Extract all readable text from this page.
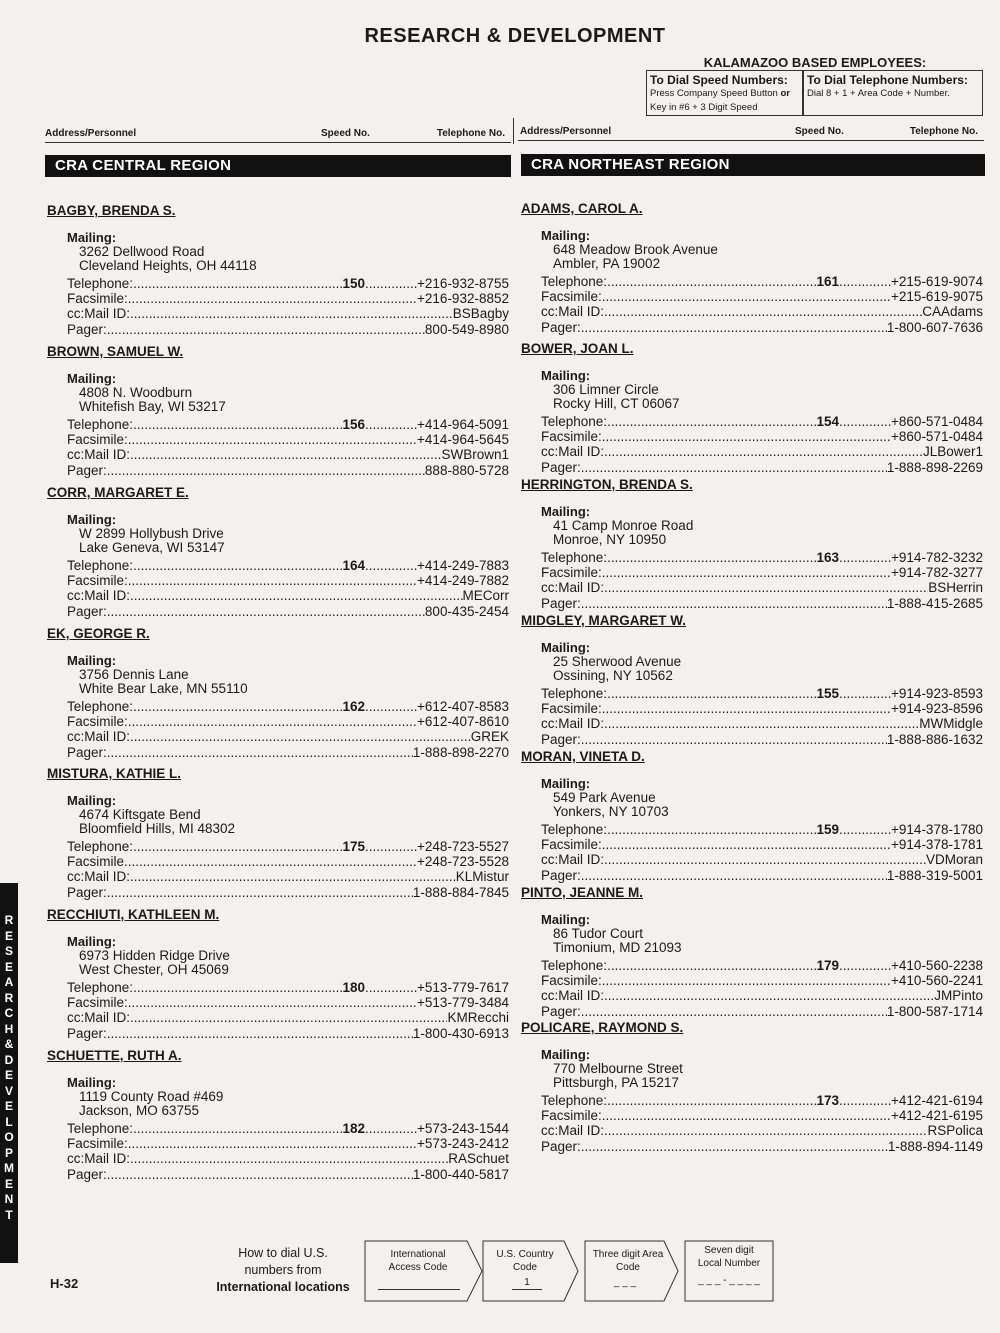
RESEARCH & DEVELOPMENT
KALAMAZOO BASED EMPLOYEES:
To Dial Speed Numbers:
Press Company Speed Button or
Key in #6 + 3 Digit Speed
To Dial Telephone Numbers:
Dial 8 + 1 + Area Code + Number.
Address/Personnel	Speed No.	Telephone No. Address/Personnel	Speed No.	Telephone No.
CRA CENTRAL REGION	CRA NORTHEAST REGION
BAGBY, BRENDA S.
Mailing:
3262 Dellwood Road
Cleveland Heights, OH 44118
Telephone: .....	150 .....	+216-932-8755
Facsimile: .....	+216-932-8852
cc:Mail ID: .....	BSBagby
Pager: .....	800-549-8980
BROWN, SAMUEL W.
Mailing:
4808 N. Woodburn
Whitefish Bay, WI 53217
Telephone: .....	156 .....	+414-964-5091
Facsimile: .....	+414-964-5645
cc:Mail ID: .....	SWBrown1
Pager: .....	888-880-5728
CORR, MARGARET E.
Mailing:
W 2899 Hollybush Drive
Lake Geneva, WI 53147
Telephone: .....	164 .....	+414-249-7883
Facsimile: .....	+414-249-7882
cc:Mail ID: .....	MECorr
Pager: .....	800-435-2454
EK, GEORGE R.
Mailing:
3756 Dennis Lane
White Bear Lake, MN 55110
Telephone: .....	162 .....	+612-407-8583
Facsimile: .....	+612-407-8610
cc:Mail ID: .....	GREK
Pager: .....	1-888-898-2270
MISTURA, KATHIE L.
Mailing:
4674 Kiftsgate Bend
Bloomfield Hills, MI 48302
Telephone: .....	175 .....	+248-723-5527
Facsimile .....	+248-723-5528
cc:Mail ID: .....	KLMistur
Pager: .....	1-888-884-7845
RECCHIUTI, KATHLEEN M.
Mailing:
6973 Hidden Ridge Drive
West Chester, OH 45069
Telephone: .....	180 .....	+513-779-7617
Facsimile: .....	+513-779-3484
cc:Mail ID: .....	KMRecchi
Pager: .....	1-800-430-6913
SCHUETTE, RUTH A.
Mailing:
1119 County Road #469
Jackson, MO 63755
Telephone: .....	182 .....	+573-243-1544
Facsimile: .....	+573-243-2412
cc:Mail ID: .....	RASchuet
Pager: .....	1-800-440-5817
ADAMS, CAROL A.
Mailing:
648 Meadow Brook Avenue
Ambler, PA 19002
Telephone: .....	161 .....	+215-619-9074
Facsimile: .....	+215-619-9075
cc:Mail ID: .....	CAAdams
Pager: .....	1-800-607-7636
BOWER, JOAN L.
Mailing:
306 Limner Circle
Rocky Hill, CT 06067
Telephone: .....	154 .....	+860-571-0484
Facsimile: .....	+860-571-0484
cc:Mail ID: .....	JLBower1
Pager: .....	1-888-898-2269
HERRINGTON, BRENDA S.
Mailing:
41 Camp Monroe Road
Monroe, NY 10950
Telephone: .....	163 .....	+914-782-3232
Facsimile: .....	+914-782-3277
cc:Mail ID: .....	BSHerrin
Pager: .....	1-888-415-2685
MIDGLEY, MARGARET W.
Mailing:
25 Sherwood Avenue
Ossining, NY 10562
Telephone: .....	155 .....	+914-923-8593
Facsimile: .....	+914-923-8596
cc:Mail ID: .....	MWMidgle
Pager: .....	1-888-886-1632
MORAN, VINETA D.
Mailing:
549 Park Avenue
Yonkers, NY 10703
Telephone: .....	159 .....	+914-378-1780
Facsimile: .....	+914-378-1781
cc:Mail ID: .....	VDMoran
Pager: .....	1-888-319-5001
PINTO, JEANNE M.
Mailing:
86 Tudor Court
Timonium, MD 21093
Telephone: .....	179 .....	+410-560-2238
Facsimile: .....	+410-560-2241
cc:Mail ID: .....	JMPinto
Pager: .....	1-800-587-1714
POLICARE, RAYMOND S.
Mailing:
770 Melbourne Street
Pittsburgh, PA 15217
Telephone: .....	173 .....	+412-421-6194
Facsimile: .....	+412-421-6195
cc:Mail ID: .....	RSPolica
Pager: .....	1-888-894-1149
RESEARCH & DEVELOPMENT
H-32
How to dial U.S.
numbers from
International locations
International
Access Code
U.S. Country
Code
1
Three digit Area
Code
_ _ _
Seven digit
Local Number
_ _ _ - _ _ _ _
